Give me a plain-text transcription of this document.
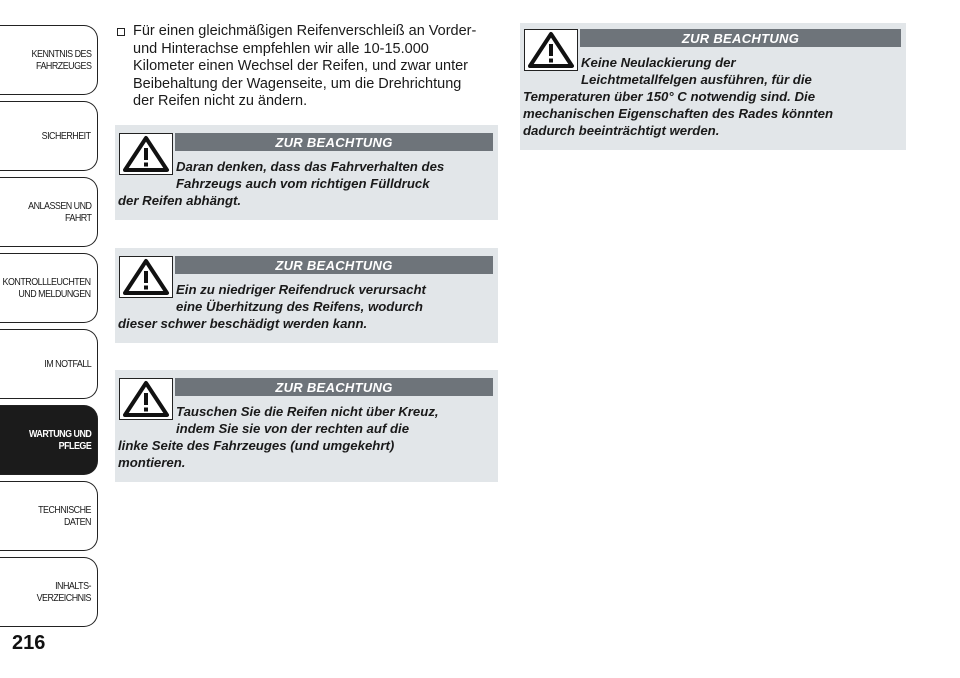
KENNTNIS DES
FAHRZEUGES
SICHERHEIT
ANLASSEN UND
FAHRT
KONTROLLLEUCHTEN
UND MELDUNGEN
IM NOTFALL
WARTUNG UND
PFLEGE
TECHNISCHE DATEN
INHALTS-
VERZEICHNIS
216
Für einen gleichmäßigen Reifenverschleiß an Vorder-
und Hinterachse empfehlen wir alle 10-15.000
Kilometer einen Wechsel der Reifen, und zwar unter
Beibehaltung der Wagenseite, um die Drehrichtung
der Reifen nicht zu ändern.
ZUR BEACHTUNG
Daran denken, dass das Fahrverhalten des
Fahrzeugs auch vom richtigen Fülldruck
der Reifen abhängt.
ZUR BEACHTUNG
Ein zu niedriger Reifendruck verursacht
eine Überhitzung des Reifens, wodurch
dieser schwer beschädigt werden kann.
ZUR BEACHTUNG
Tauschen Sie die Reifen nicht über Kreuz,
indem Sie sie von der rechten auf die
linke Seite des Fahrzeuges (und umgekehrt)
montieren.
ZUR BEACHTUNG
Keine Neulackierung der
Leichtmetallfelgen ausführen, für die
Temperaturen über 150° C notwendig sind. Die
mechanischen Eigenschaften des Rades könnten
dadurch beeinträchtigt werden.
